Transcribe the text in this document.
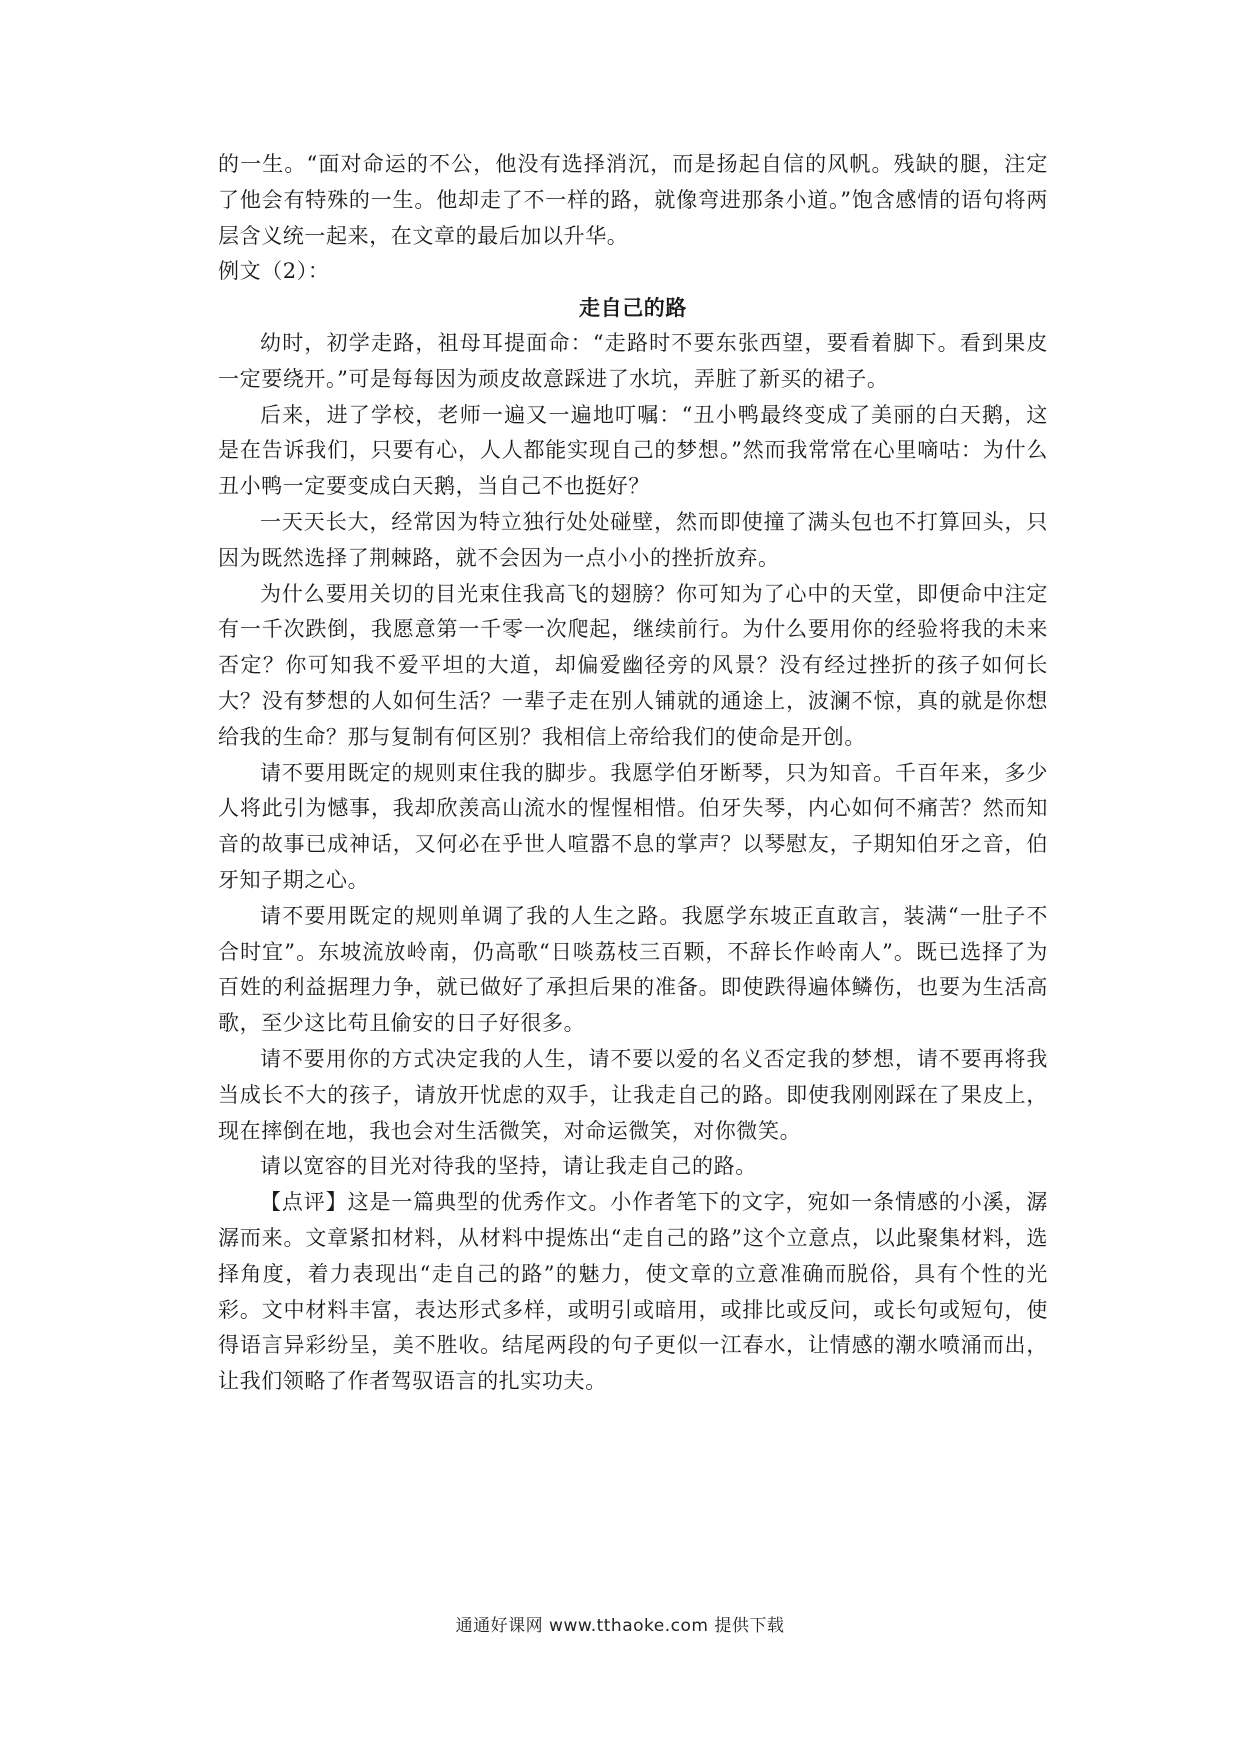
的一生。“面对命运的不公，他没有选择消沉，而是扬起自信的风帆。残缺的腿，注定了他会有特殊的一生。他却走了不一样的路，就像弯进那条小道。”饱含感情的语句将两层含义统一起来，在文章的最后加以升华。

例文（2）：

走自己的路

幼时，初学走路，祖母耳提面命：“走路时不要东张西望，要看着脚下。看到果皮一定要绕开。”可是每每因为顽皮故意踩进了水坑，弄脏了新买的裙子。

后来，进了学校，老师一遍又一遍地叮嘱：“丑小鸭最终变成了美丽的白天鹅，这是在告诉我们，只要有心，人人都能实现自己的梦想。”然而我常常在心里嘀咕：为什么丑小鸭一定要变成白天鹅，当自己不也挺好？

一天天长大，经常因为特立独行处处碰壁，然而即使撞了满头包也不打算回头，只因为既然选择了荆棘路，就不会因为一点小小的挫折放弃。

为什么要用关切的目光束住我高飞的翅膀？你可知为了心中的天堂，即便命中注定有一千次跌倒，我愿意第一千零一次爬起，继续前行。为什么要用你的经验将我的未来否定？你可知我不爱平坦的大道，却偏爱幽径旁的风景？没有经过挫折的孩子如何长大？没有梦想的人如何生活？一辈子走在别人铺就的通途上，波澜不惊，真的就是你想给我的生命？那与复制有何区别？我相信上帝给我们的使命是开创。

请不要用既定的规则束住我的脚步。我愿学伯牙断琴，只为知音。千百年来，多少人将此引为憾事，我却欣羡高山流水的惺惺相惜。伯牙失琴，内心如何不痛苦？然而知音的故事已成神话，又何必在乎世人喧嚣不息的掌声？以琴慰友，子期知伯牙之音，伯牙知子期之心。

请不要用既定的规则单调了我的人生之路。我愿学东坡正直敢言，装满“一肚子不合时宜”。东坡流放岭南，仍高歌“日啖荔枝三百颗，不辞长作岭南人”。既已选择了为百姓的利益据理力争，就已做好了承担后果的准备。即使跌得遍体鳞伤，也要为生活高歌，至少这比苟且偷安的日子好很多。

请不要用你的方式决定我的人生，请不要以爱的名义否定我的梦想，请不要再将我当成长不大的孩子，请放开忧虑的双手，让我走自己的路。即使我刚刚踩在了果皮上，现在摔倒在地，我也会对生活微笑，对命运微笑，对你微笑。

请以宽容的目光对待我的坚持，请让我走自己的路。

【点评】这是一篇典型的优秀作文。小作者笔下的文字，宛如一条情感的小溪，潺潺而来。文章紧扣材料，从材料中提炼出“走自己的路”这个立意点，以此聚集材料，选择角度，着力表现出“走自己的路”的魅力，使文章的立意准确而脱俗，具有个性的光彩。文中材料丰富，表达形式多样，或明引或暗用，或排比或反问，或长句或短句，使得语言异彩纷呈，美不胜收。结尾两段的句子更似一江春水，让情感的潮水喷涌而出，让我们领略了作者驾驭语言的扎实功夫。

通通好课网 www.tthaoke.com 提供下载
